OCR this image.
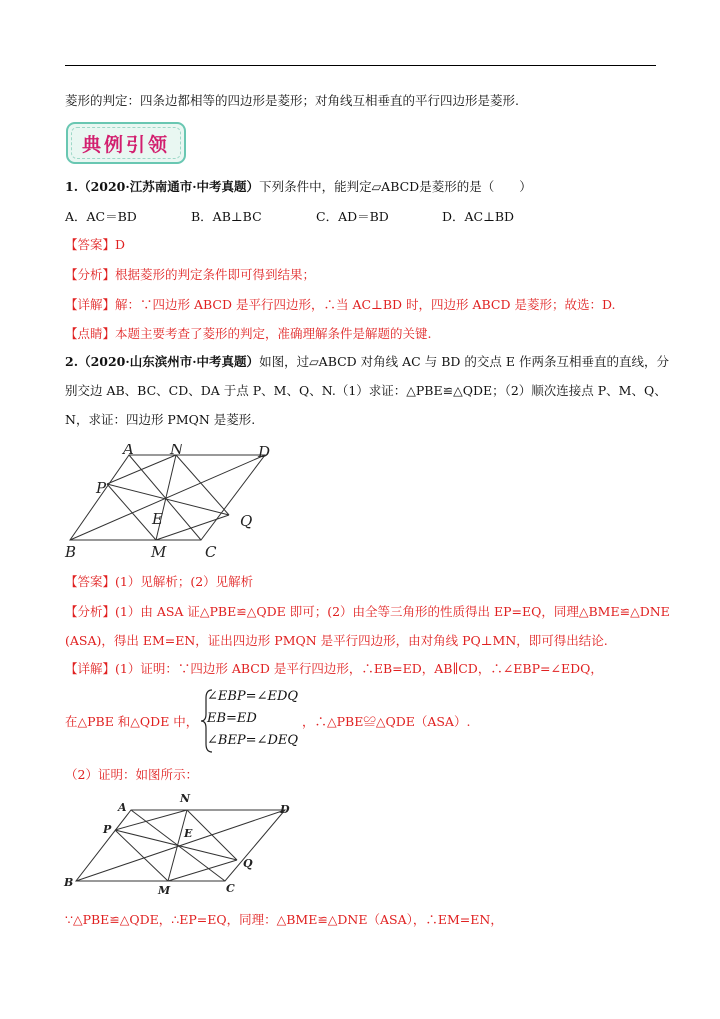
菱形的判定：四条边都相等的四边形是菱形；对角线互相垂直的平行四边形是菱形.
典例引领
1.（2020·江苏南通市·中考真题）下列条件中，能判定▱ABCD是菱形的是（　　）
A．AC＝BD	B．AB⊥BC	C．AD＝BD	D．AC⊥BD
【答案】D
【分析】根据菱形的判定条件即可得到结果；
【详解】解：∵四边形 ABCD 是平行四边形，∴当 AC⊥BD 时，四边形 ABCD 是菱形；故选：D.
【点睛】本题主要考查了菱形的判定，准确理解条件是解题的关键.
2.（2020·山东滨州市·中考真题）如图，过▱ABCD 对角线 AC 与 BD 的交点 E 作两条互相垂直的直线，分
别交边 AB、BC、CD、DA 于点 P、M、Q、N.（1）求证：△PBE≌△QDE；（2）顺次连接点 P、M、Q、
N，求证：四边形 PMQN 是菱形.
A N	D
P
E	Q
B	M	C
【答案】(1）见解析；(2）见解析
【分析】(1）由 ASA 证△PBE≌△QDE 即可；(2）由全等三角形的性质得出 EP=EQ，同理△BME≌△DNE
(ASA)，得出 EM=EN，证出四边形 PMQN 是平行四边形，由对角线 PQ⊥MN，即可得出结论.
【详解】(1）证明：∵四边形 ABCD 是平行四边形，∴EB=ED，AB∥CD，∴∠EBP=∠EDQ，
在△PBE 和△QDE 中，
∠EBP=∠EDQ
EB=ED
∠BEP=∠DEQ
，∴△PBE≌△QDE（ASA）.
（2）证明：如图所示：
A
N
D
P	E
Q
B
M	C
∵△PBE≌△QDE，∴EP=EQ，同理：△BME≌△DNE（ASA），∴EM=EN，
